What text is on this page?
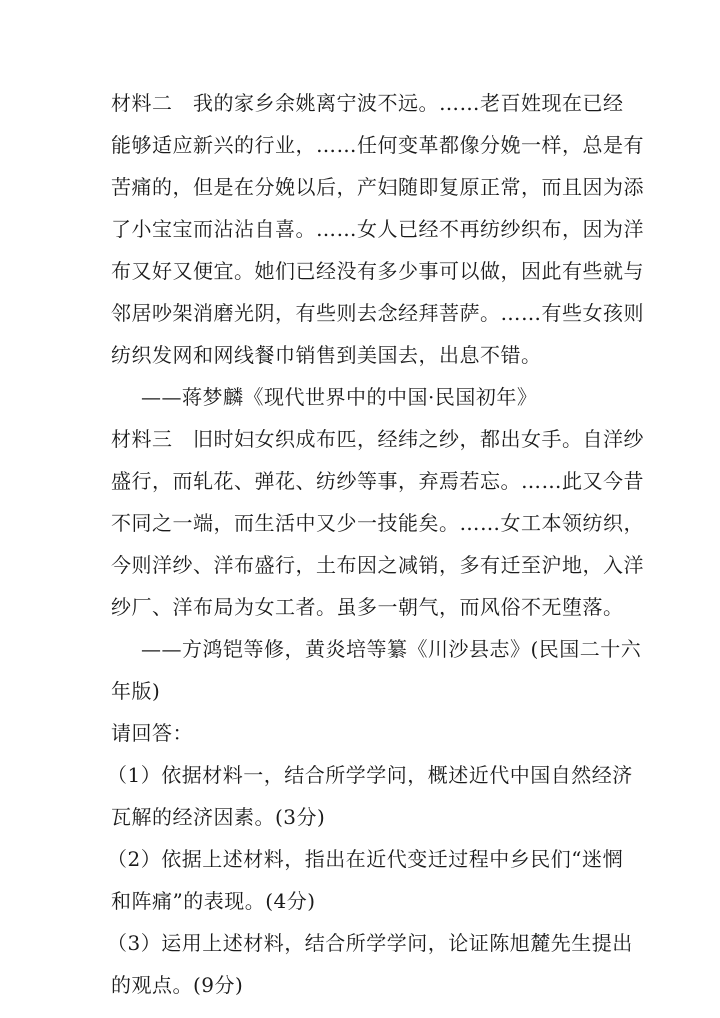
材料二　我的家乡余姚离宁波不远。……老百姓现在已经
能够适应新兴的行业，……任何变革都像分娩一样，总是有
苦痛的，但是在分娩以后，产妇随即复原正常，而且因为添
了小宝宝而沾沾自喜。……女人已经不再纺纱织布，因为洋
布又好又便宜。她们已经没有多少事可以做，因此有些就与
邻居吵架消磨光阴，有些则去念经拜菩萨。……有些女孩则
纺织发网和网线餐巾销售到美国去，出息不错。
——蒋梦麟《现代世界中的中国·民国初年》
材料三　旧时妇女织成布匹，经纬之纱，都出女手。自洋纱
盛行，而轧花、弹花、纺纱等事，弃焉若忘。……此又今昔
不同之一端，而生活中又少一技能矣。……女工本领纺织，
今则洋纱、洋布盛行，土布因之减销，多有迁至沪地，入洋
纱厂、洋布局为女工者。虽多一朝气，而风俗不无堕落。
——方鸿铠等修，黄炎培等纂《川沙县志》(民国二十六
年版)
请回答：
（1）依据材料一，结合所学学问，概述近代中国自然经济
瓦解的经济因素。(3分)
（2）依据上述材料，指出在近代变迁过程中乡民们“迷惘
和阵痛”的表现。(4分)
（3）运用上述材料，结合所学学问，论证陈旭麓先生提出
的观点。(9分)
